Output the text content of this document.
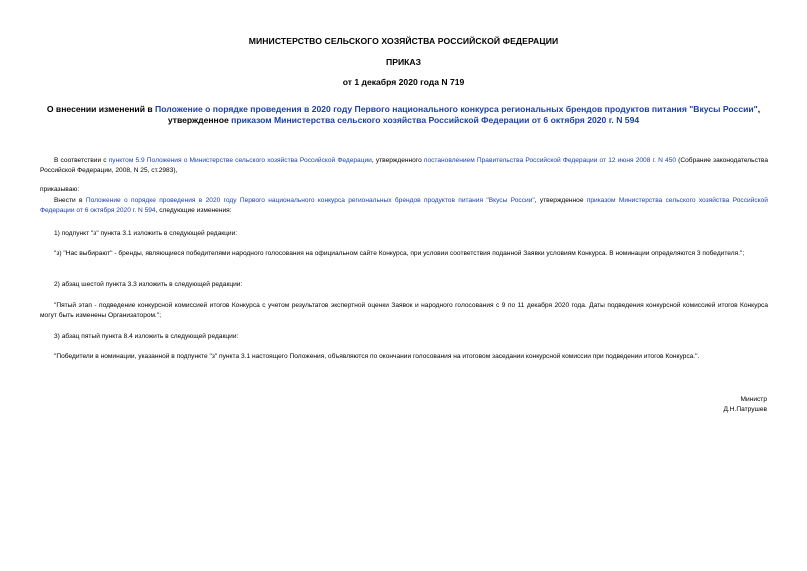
МИНИСТЕРСТВО СЕЛЬСКОГО ХОЗЯЙСТВА РОССИЙСКОЙ ФЕДЕРАЦИИ
ПРИКАЗ
от 1 декабря 2020 года N 719
О внесении изменений в Положение о порядке проведения в 2020 году Первого национального конкурса региональных брендов продуктов питания "Вкусы России", утвержденное приказом Министерства сельского хозяйства Российской Федерации от 6 октября 2020 г. N 594
В соответствии с пунктом 5.9 Положения о Министерстве сельского хозяйства Российской Федерации, утвержденного постановлением Правительства Российской Федерации от 12 июня 2008 г. N 450 (Собрание законодательства Российской Федерации, 2008, N 25, ст.2983),
приказываю:
Внести в Положение о порядке проведения в 2020 году Первого национального конкурса региональных брендов продуктов питания "Вкусы России", утвержденное приказом Министерства сельского хозяйства Российской Федерации от 6 октября 2020 г. N 594, следующие изменения:
1) подпункт "з" пункта 3.1 изложить в следующей редакции:
"з) "Нас выбирают" - бренды, являющиеся победителями народного голосования на официальном сайте Конкурса, при условии соответствия поданной Заявки условиям Конкурса. В номинации определяются 3 победителя.";
2) абзац шестой пункта 3.3 изложить в следующей редакции:
"Пятый этап - подведение конкурсной комиссией итогов Конкурса с учетом результатов экспертной оценки Заявок и народного голосования с 9 по 11 декабря 2020 года. Даты подведения конкурсной комиссией итогов Конкурса могут быть изменены Организатором.";
3) абзац пятый пункта 8.4 изложить в следующей редакции:
"Победители в номинации, указанной в подпункте "з" пункта 3.1 настоящего Положения, объявляются по окончании голосования на итоговом заседании конкурсной комиссии при подведении итогов Конкурса.".
Министр
Д.Н.Патрушев
